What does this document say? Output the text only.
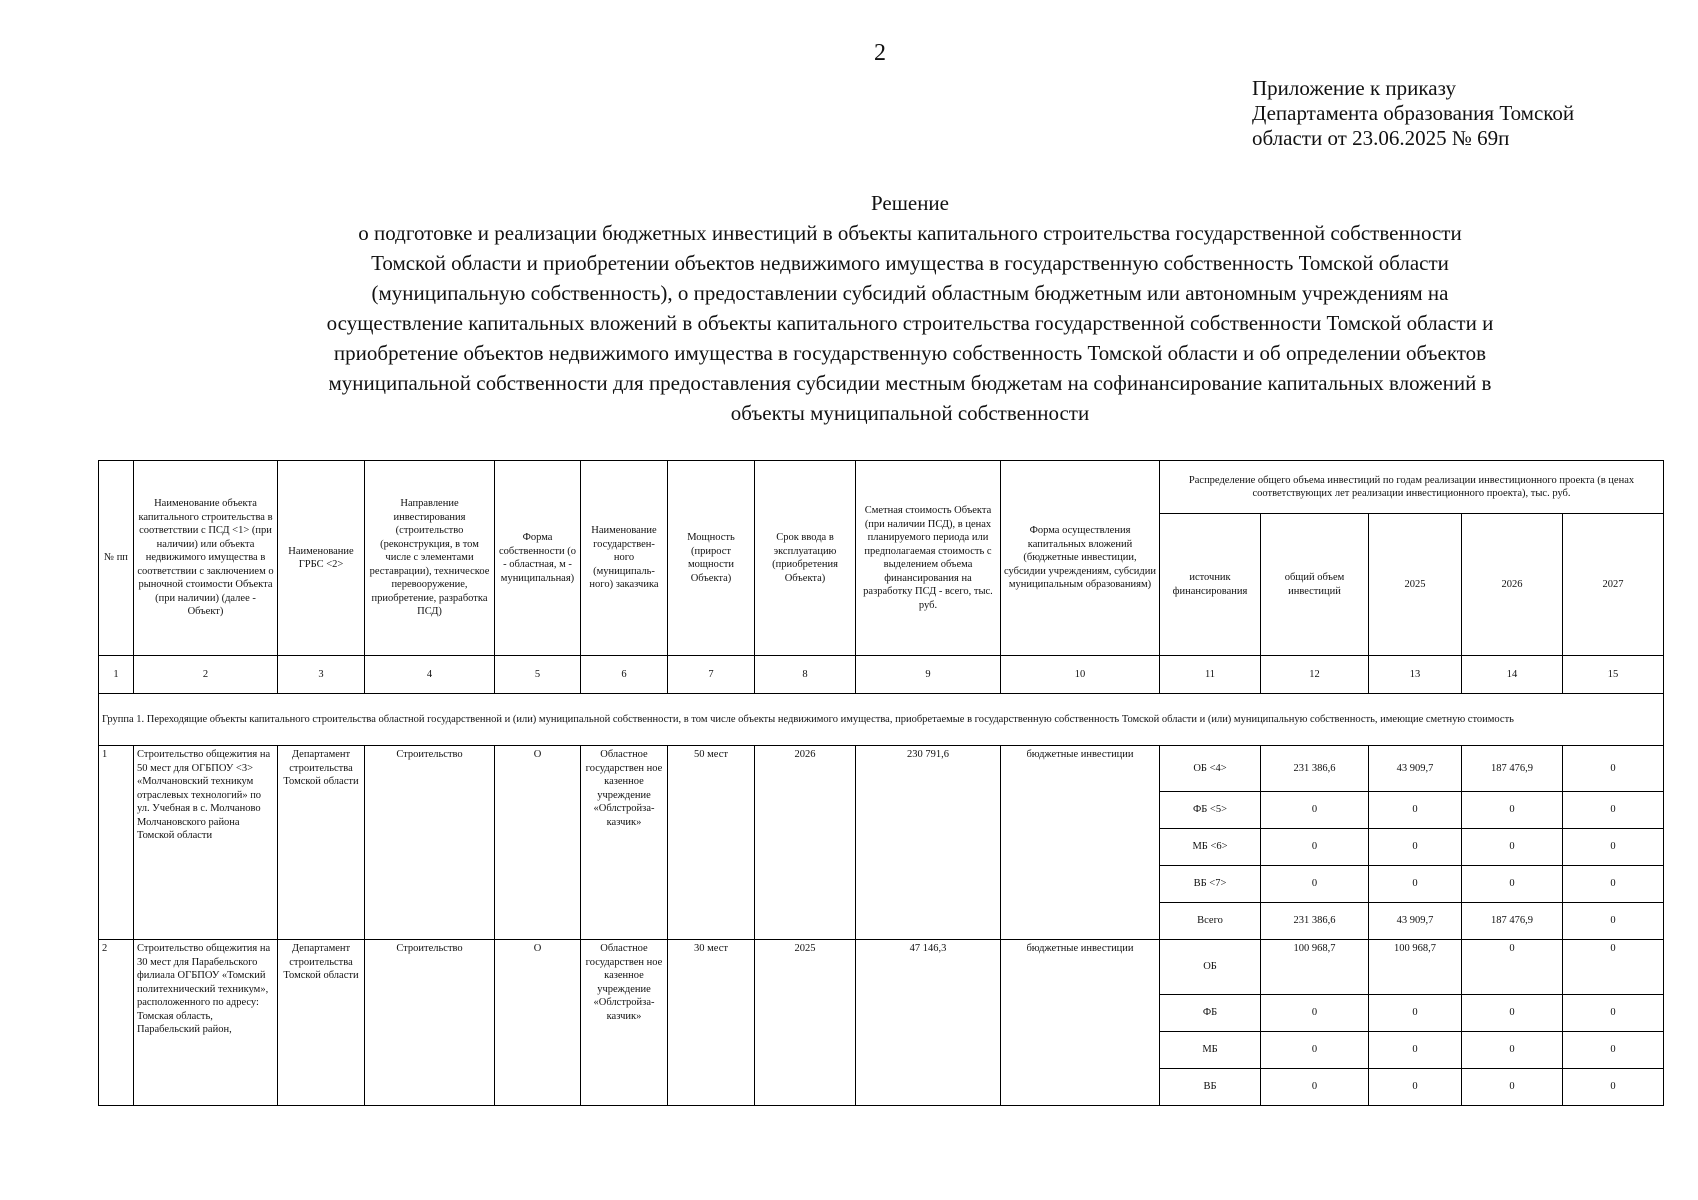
2
Приложение к приказу
Департамента образования Томской
области от 23.06.2025 № 69п
Решение
о подготовке и реализации бюджетных инвестиций в объекты капитального строительства государственной собственности
Томской области и приобретении объектов недвижимого имущества в государственную собственность Томской области
(муниципальную собственность), о предоставлении субсидий областным бюджетным или автономным учреждениям на
осуществление капитальных вложений в объекты капитального строительства государственной собственности Томской области и
приобретение объектов недвижимого имущества в государственную собственность Томской области и об определении объектов
муниципальной собственности для предоставления субсидии местным бюджетам на софинансирование капитальных вложений в
объекты муниципальной собственности
№ пп	Наименование объекта капитального строительства в соответствии с ПСД <1> (при наличии) или объекта недвижимого имущества в соответствии с заключением о рыночной стоимости Объекта (при наличии) (далее - Объект)	Наименование ГРБС <2>	Направление инвестирования (строительство (реконструкция, в том числе с элементами реставрации), техническое перевооружение, приобретение, разработка ПСД)	Форма собственности (о - областная, м - муниципальная)	Наименование государствен-ного (муниципаль-ного) заказчика	Мощность (прирост мощности Объекта)	Срок ввода в эксплуатацию (приобретения Объекта)	Сметная стоимость Объекта (при наличии ПСД), в ценах планируемого периода или предполагаемая стоимость с выделением объема финансирования на разработку ПСД - всего, тыс. руб.	Форма осуществления капитальных вложений (бюджетные инвестиции, субсидии учреждениям, субсидии муниципальным образованиям)	Распределение общего объема инвестиций по годам реализации инвестиционного проекта (в ценах соответствующих лет реализации инвестиционного проекта), тыс. руб.				
										источник финансирования	общий объем инвестиций	2025	2026	2027
1	2	3	4	5	6	7	8	9	10	11	12	13	14	15
Группа 1. Переходящие объекты капитального строительства областной государственной и (или) муниципальной собственности, в том числе объекты недвижимого имущества, приобретаемые в государственную собственность Томской области и (или) муниципальную собственность, имеющие сметную стоимость														
1	Строительство общежития на 50 мест для ОГБПОУ <3> «Молчановский техникум отраслевых технологий» по ул. Учебная в с. Молчаново Молчановского района Томской области	Департамент строительства Томской области	Строительство	О	Областное государствен ное казенное учреждение «Облстройза-казчик»	50 мест	2026	230 791,6	бюджетные инвестиции	ОБ <4>	231 386,6	43 909,7	187 476,9	0
										ФБ <5>	0	0	0	0
										МБ <6>	0	0	0	0
										ВБ <7>	0	0	0	0
										Всего	231 386,6	43 909,7	187 476,9	0
2	Строительство общежития на 30 мест для Парабельского филиала ОГБПОУ «Томский политехнический техникум», расположенного по адресу: Томская область, Парабельский район,	Департамент строительства Томской области	Строительство	О	Областное государствен ное казенное учреждение «Облстройза-казчик»	30 мест	2025	47 146,3	бюджетные инвестиции	ОБ	100 968,7	100 968,7	0	0
										ФБ	0	0	0	0
										МБ	0	0	0	0
										ВБ	0	0	0	0
